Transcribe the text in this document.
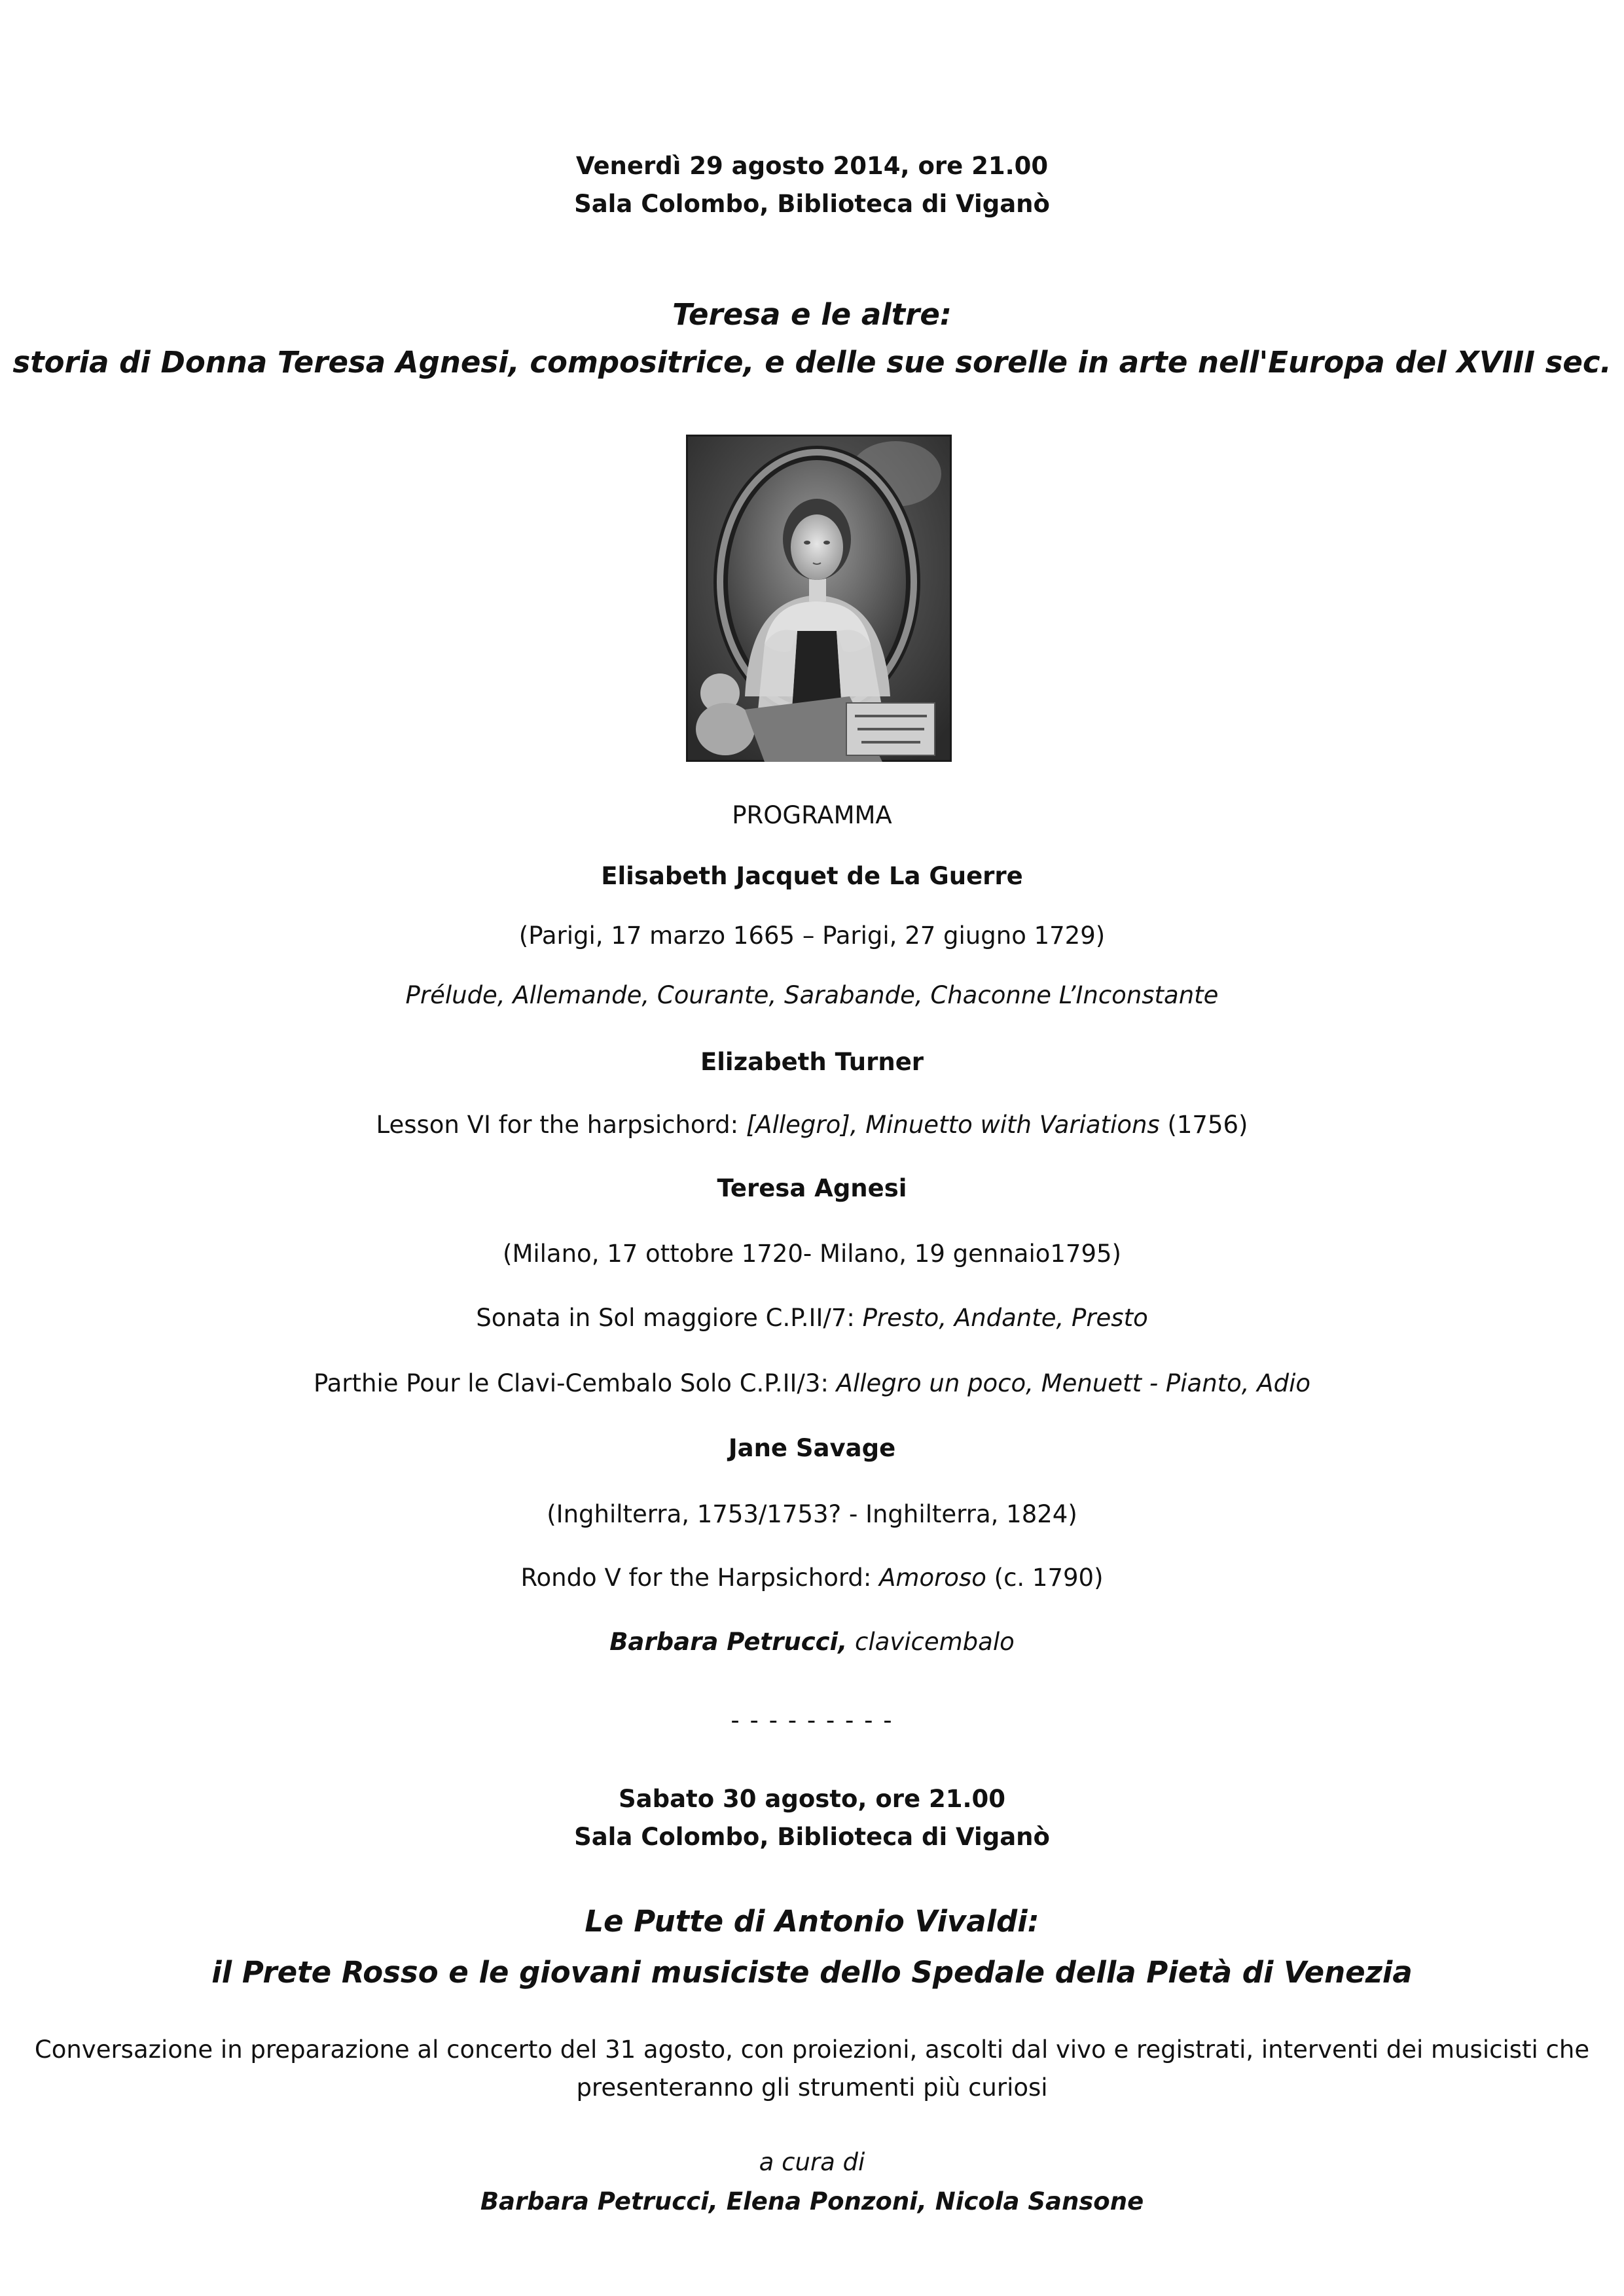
Venerdì 29 agosto 2014, ore 21.00
Sala Colombo, Biblioteca di Viganò
Teresa e le altre:
storia di Donna Teresa Agnesi, compositrice, e delle sue sorelle in arte nell'Europa del XVIII sec.
PROGRAMMA
Elisabeth Jacquet de La Guerre
(Parigi, 17 marzo 1665 – Parigi, 27 giugno 1729)
Prélude, Allemande, Courante, Sarabande, Chaconne L’Inconstante
Elizabeth Turner
Lesson VI for the harpsichord: [Allegro], Minuetto with Variations (1756)
Teresa Agnesi
(Milano, 17 ottobre 1720- Milano, 19 gennaio1795)
Sonata in Sol maggiore C.P.II/7: Presto, Andante, Presto
Parthie Pour le Clavi-Cembalo Solo C.P.II/3: Allegro un poco, Menuett - Pianto, Adio
Jane Savage
(Inghilterra, 1753/1753? - Inghilterra, 1824)
Rondo V for the Harpsichord: Amoroso (c. 1790)
Barbara Petrucci, clavicembalo
- - - - - - - - -
Sabato 30 agosto, ore 21.00
Sala Colombo, Biblioteca di Viganò
Le Putte di Antonio Vivaldi:
il Prete Rosso e le giovani musiciste dello Spedale della Pietà di Venezia
Conversazione in preparazione al concerto del 31 agosto, con proiezioni, ascolti dal vivo e registrati, interventi dei musicisti che
presenteranno gli strumenti più curiosi
a cura di
Barbara Petrucci, Elena Ponzoni, Nicola Sansone
